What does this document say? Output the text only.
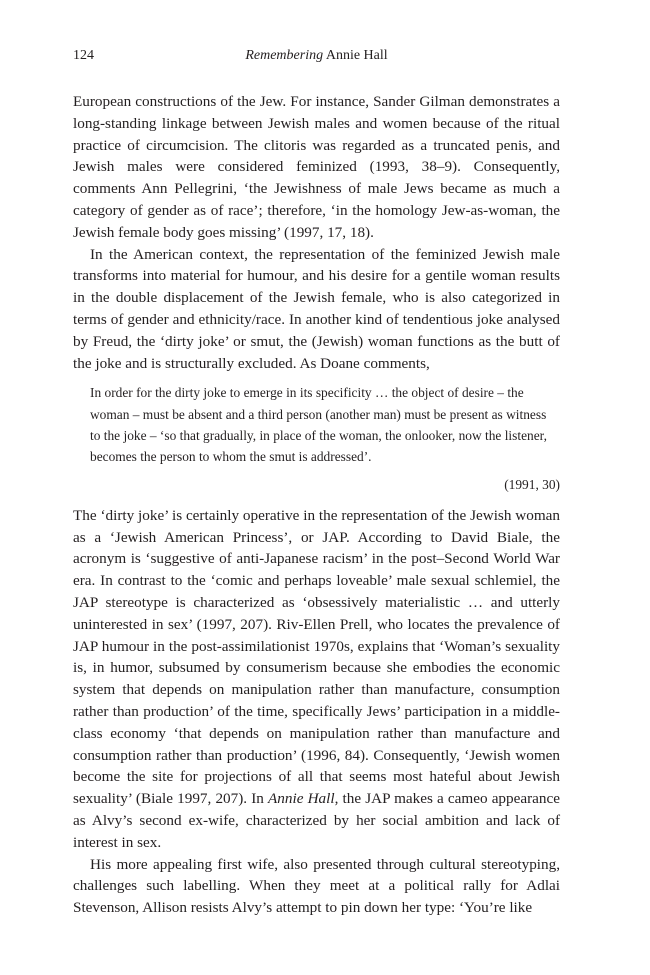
124	Remembering Annie Hall

European constructions of the Jew. For instance, Sander Gilman demonstrates a long-standing linkage between Jewish males and women because of the ritual practice of circumcision. The clitoris was regarded as a truncated penis, and Jewish males were considered feminized (1993, 38–9). Consequently, comments Ann Pellegrini, ‘the Jewishness of male Jews became as much a category of gender as of race’; therefore, ‘in the homology Jew-as-woman, the Jewish female body goes missing’ (1997, 17, 18).

In the American context, the representation of the feminized Jewish male transforms into material for humour, and his desire for a gentile woman results in the double displacement of the Jewish female, who is also categorized in terms of gender and ethnicity/race. In another kind of tendentious joke analysed by Freud, the ‘dirty joke’ or smut, the (Jewish) woman functions as the butt of the joke and is structurally excluded. As Doane comments,

In order for the dirty joke to emerge in its specificity … the object of desire – the woman – must be absent and a third person (another man) must be present as witness to the joke – ‘so that gradually, in place of the woman, the onlooker, now the listener, becomes the person to whom the smut is addressed’.
(1991, 30)

The ‘dirty joke’ is certainly operative in the representation of the Jewish woman as a ‘Jewish American Princess’, or JAP. According to David Biale, the acronym is ‘suggestive of anti-Japanese racism’ in the post–Second World War era. In contrast to the ‘comic and perhaps loveable’ male sexual schlemiel, the JAP stereotype is characterized as ‘obsessively materialistic … and utterly uninterested in sex’ (1997, 207). Riv-Ellen Prell, who locates the prevalence of JAP humour in the post-assimilationist 1970s, explains that ‘Woman’s sexuality is, in humor, subsumed by consumerism because she embodies the economic system that depends on manipulation rather than manufacture, consumption rather than production’ of the time, specifically Jews’ participation in a middle-class economy ‘that depends on manipulation rather than manufacture and consumption rather than production’ (1996, 84). Consequently, ‘Jewish women become the site for projections of all that seems most hateful about Jewish sexuality’ (Biale 1997, 207). In Annie Hall, the JAP makes a cameo appearance as Alvy’s second ex-wife, characterized by her social ambition and lack of interest in sex.

His more appealing first wife, also presented through cultural stereotyping, challenges such labelling. When they meet at a political rally for Adlai Stevenson, Allison resists Alvy’s attempt to pin down her type: ‘You’re like
